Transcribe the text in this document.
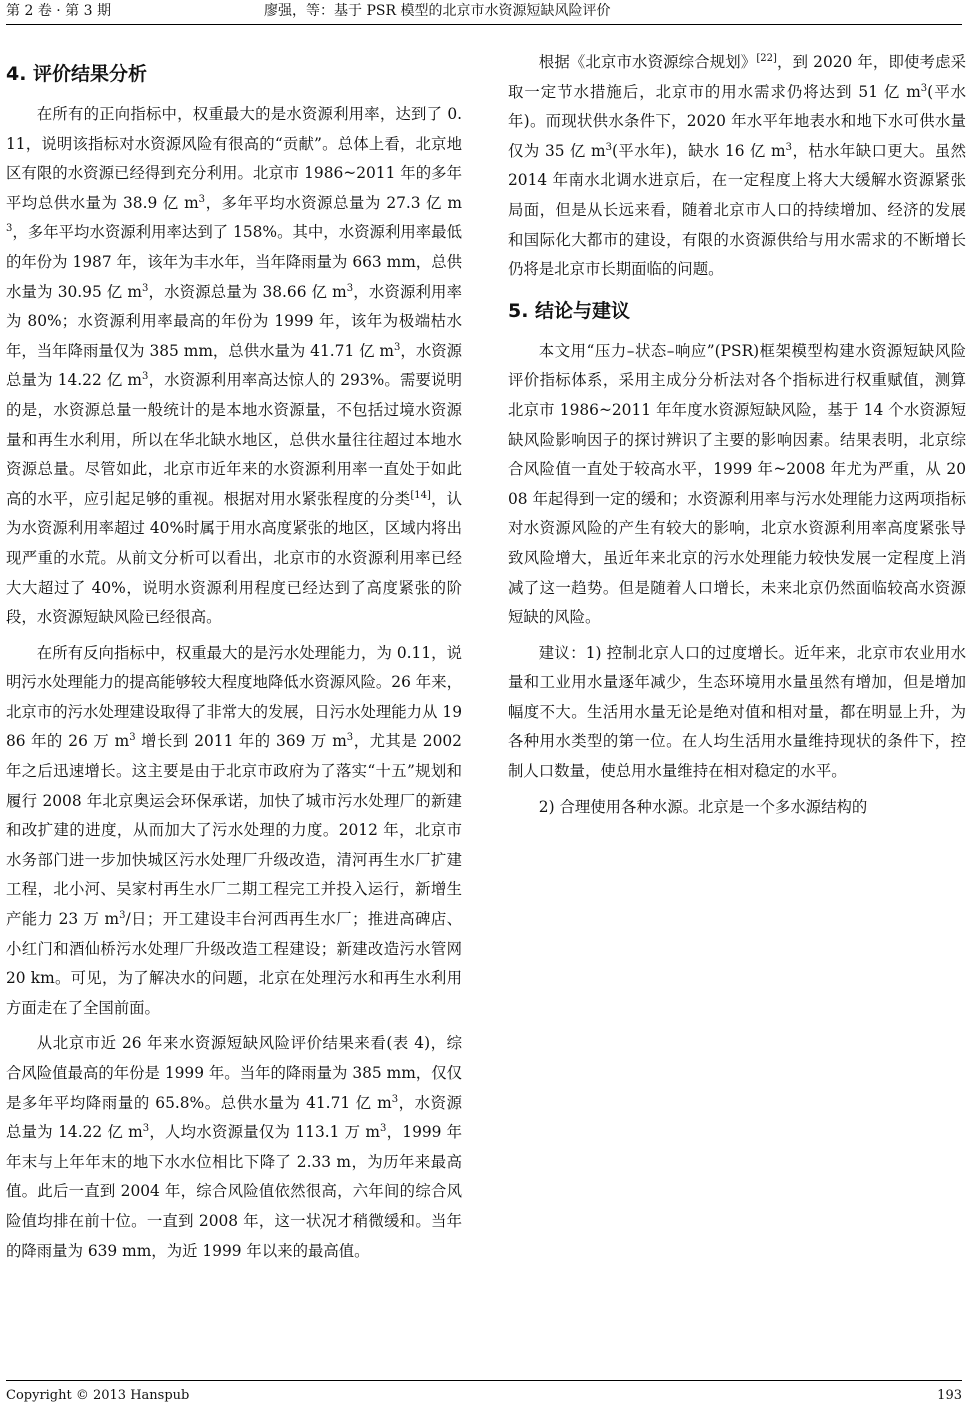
第 2 卷 · 第 3 期	廖强，等：基于 PSR 模型的北京市水资源短缺风险评价
4. 评价结果分析

在所有的正向指标中，权重最大的是水资源利用率，达到了 0.11，说明该指标对水资源风险有很高的“贡献”。总体上看，北京地区有限的水资源已经得到充分利用。北京市 1986~2011 年的多年平均总供水量为 38.9 亿 $m^3$，多年平均水资源总量为 27.3 亿 $m^3$，多年平均水资源利用率达到了 158%。其中，水资源利用率最低的年份为 1987 年，该年为丰水年，当年降雨量为 663 mm，总供水量为 30.95 亿 $m^3$，水资源总量为 38.66 亿 $m^3$，水资源利用率为 80%；水资源利用率最高的年份为 1999 年，该年为极端枯水年，当年降雨量仅为 385 mm，总供水量为 41.71 亿 $m^3$，水资源总量为 14.22 亿 $m^3$，水资源利用率高达惊人的 293%。需要说明的是，水资源总量一般统计的是本地水资源量，不包括过境水资源量和再生水利用，所以在华北缺水地区，总供水量往往超过本地水资源总量。尽管如此，北京市近年来的水资源利用率一直处于如此高的水平，应引起足够的重视。根据对用水紧张程度的分类[14]，认为水资源利用率超过 40%时属于用水高度紧张的地区，区域内将出现严重的水荒。从前文分析可以看出，北京市的水资源利用率已经大大超过了 40%，说明水资源利用程度已经达到了高度紧张的阶段，水资源短缺风险已经很高。

在所有反向指标中，权重最大的是污水处理能力，为 0.11，说明污水处理能力的提高能够较大程度地降低水资源风险。26 年来，北京市的污水处理建设取得了非常大的发展，日污水处理能力从 1986 年的 26 万 $m^3$ 增长到 2011 年的 369 万 $m^3$，尤其是 2002 年之后迅速增长。这主要是由于北京市政府为了落实“十五”规划和履行 2008 年北京奥运会环保承诺，加快了城市污水处理厂的新建和改扩建的进度，从而加大了污水处理的力度。2012 年，北京市水务部门进一步加快城区污水处理厂升级改造，清河再生水厂扩建工程，北小河、吴家村再生水厂二期工程完工并投入运行，新增生产能力 23 万 $m^3/$日；开工建设丰台河西再生水厂；推进高碑店、小红门和酒仙桥污水处理厂升级改造工程建设；新建改造污水管网 20 km。可见，为了解决水的问题，北京在处理污水和再生水利用方面走在了全国前面。

从北京市近 26 年来水资源短缺风险评价结果来看(表 4)，综合风险值最高的年份是 1999 年。当年的降雨量为 385 mm，仅仅是多年平均降雨量的 65.8%。总供水量为 41.71 亿 $m^3$，水资源总量为 14.22 亿 $m^3$，人均水资源量仅为 113.1 万 $m^3$，1999 年年末与上年年末的地下水水位相比下降了 2.33 m，为历年来最高值。此后一直到 2004 年，综合风险值依然很高，六年间的综合风险值均排在前十位。一直到 2008 年，这一状况才稍微缓和。当年的降雨量为 639 mm，为近 1999 年以来的最高值。

根据《北京市水资源综合规划》[22]，到 2020 年，即使考虑采取一定节水措施后，北京市的用水需求仍将达到 51 亿 $m^3$(平水年)。而现状供水条件下，2020 年水平年地表水和地下水可供水量仅为 35 亿 $m^3$(平水年)，缺水 16 亿 $m^3$，枯水年缺口更大。虽然 2014 年南水北调水进京后，在一定程度上将大大缓解水资源紧张局面，但是从长远来看，随着北京市人口的持续增加、经济的发展和国际化大都市的建设，有限的水资源供给与用水需求的不断增长仍将是北京市长期面临的问题。

5. 结论与建议

本文用“压力–状态–响应”(PSR)框架模型构建水资源短缺风险评价指标体系，采用主成分分析法对各个指标进行权重赋值，测算北京市 1986~2011 年年度水资源短缺风险，基于 14 个水资源短缺风险影响因子的探讨辨识了主要的影响因素。结果表明，北京综合风险值一直处于较高水平，1999 年~2008 年尤为严重，从 2008 年起得到一定的缓和；水资源利用率与污水处理能力这两项指标对水资源风险的产生有较大的影响，北京水资源利用率高度紧张导致风险增大，虽近年来北京的污水处理能力较快发展一定程度上消减了这一趋势。但是随着人口增长，未来北京仍然面临较高水资源短缺的风险。

建议：1) 控制北京人口的过度增长。近年来，北京市农业用水量和工业用水量逐年减少，生态环境用水量虽然有增加，但是增加幅度不大。生活用水量无论是绝对值和相对量，都在明显上升，为各种用水类型的第一位。在人均生活用水量维持现状的条件下，控制人口数量，使总用水量维持在相对稳定的水平。

2) 合理使用各种水源。北京是一个多水源结构的

Copyright © 2013 Hanspub	193
